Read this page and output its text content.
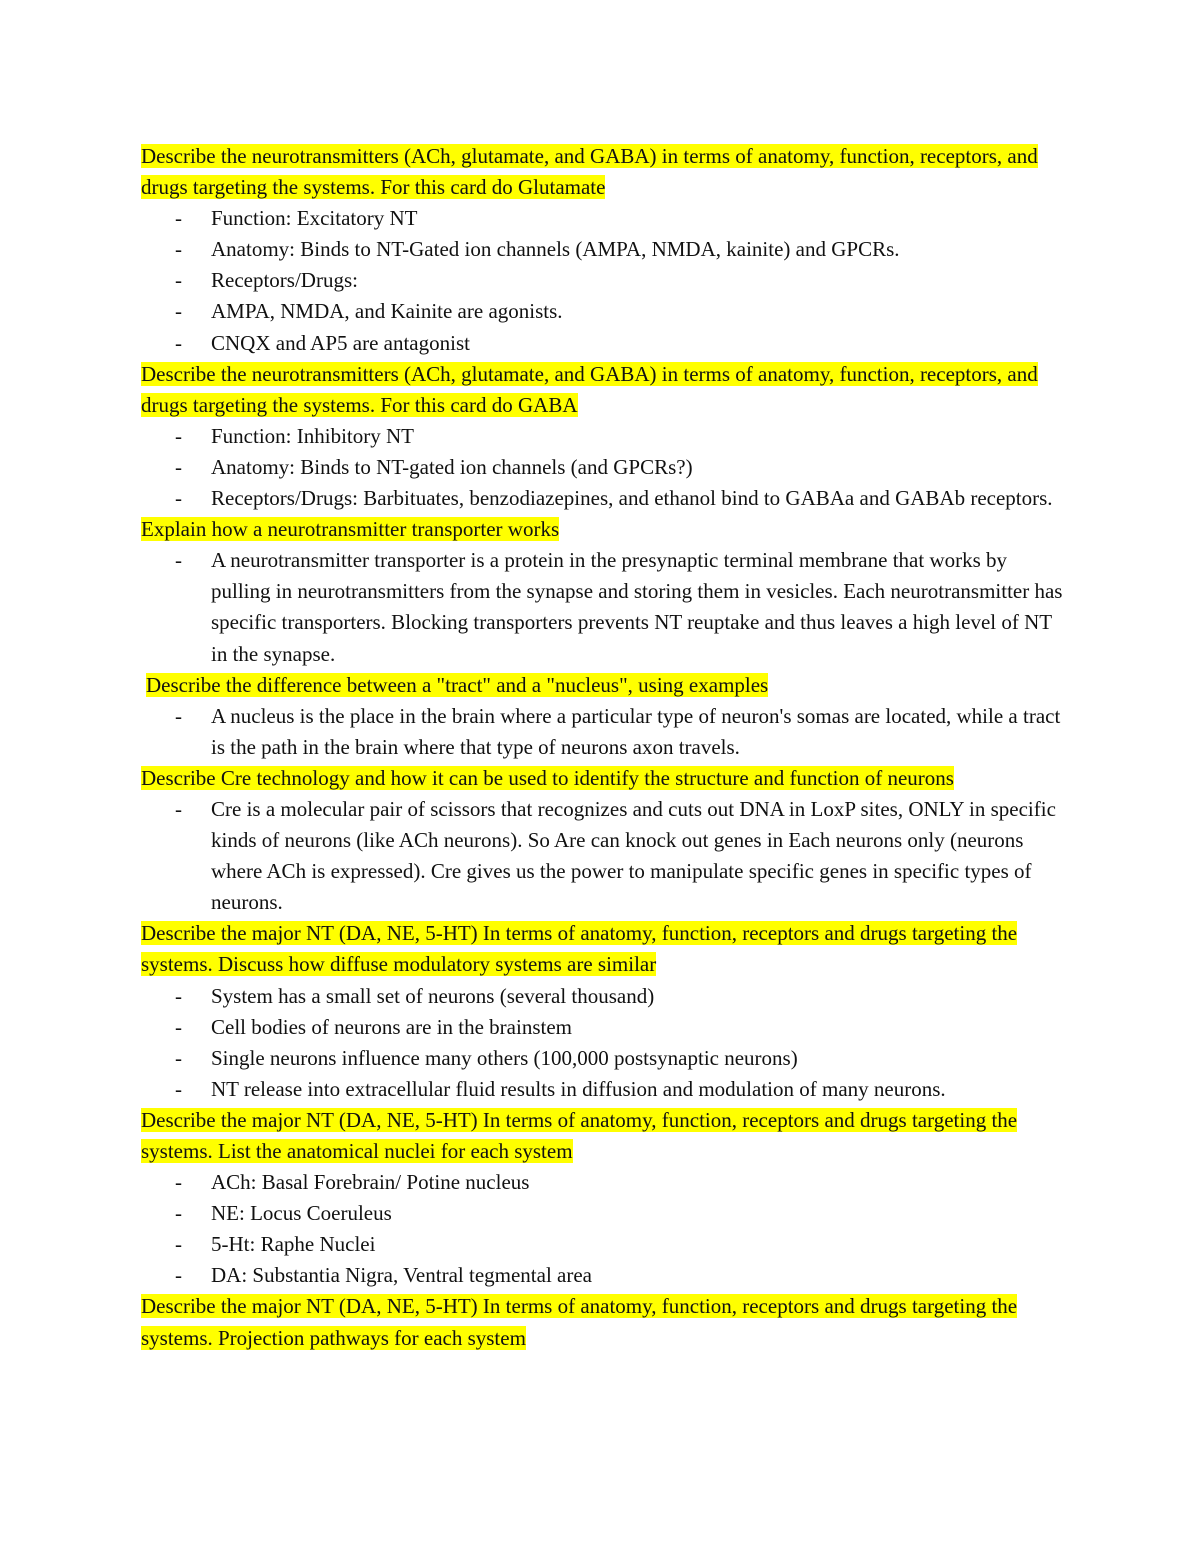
Describe the neurotransmitters (ACh, glutamate, and GABA) in terms of anatomy, function, receptors, and drugs targeting the systems. For this card do Glutamate

- Function: Excitatory NT
- Anatomy: Binds to NT-Gated ion channels (AMPA, NMDA, kainite) and GPCRs.
- Receptors/Drugs:
- AMPA, NMDA, and Kainite are agonists.
- CNQX and AP5 are antagonist

Describe the neurotransmitters (ACh, glutamate, and GABA) in terms of anatomy, function, receptors, and drugs targeting the systems. For this card do GABA

- Function: Inhibitory NT
- Anatomy: Binds to NT-gated ion channels (and GPCRs?)
- Receptors/Drugs: Barbituates, benzodiazepines, and ethanol bind to GABAa and GABAb receptors.

Explain how a neurotransmitter transporter works

- A neurotransmitter transporter is a protein in the presynaptic terminal membrane that works by pulling in neurotransmitters from the synapse and storing them in vesicles. Each neurotransmitter has specific transporters. Blocking transporters prevents NT reuptake and thus leaves a high level of NT in the synapse.

Describe the difference between a "tract" and a "nucleus", using examples

- A nucleus is the place in the brain where a particular type of neuron's somas are located, while a tract is the path in the brain where that type of neurons axon travels.

Describe Cre technology and how it can be used to identify the structure and function of neurons

- Cre is a molecular pair of scissors that recognizes and cuts out DNA in LoxP sites, ONLY in specific kinds of neurons (like ACh neurons). So Are can knock out genes in Each neurons only (neurons where ACh is expressed). Cre gives us the power to manipulate specific genes in specific types of neurons.

Describe the major NT (DA, NE, 5-HT) In terms of anatomy, function, receptors and drugs targeting the systems. Discuss how diffuse modulatory systems are similar

- System has a small set of neurons (several thousand)
- Cell bodies of neurons are in the brainstem
- Single neurons influence many others (100,000 postsynaptic neurons)
- NT release into extracellular fluid results in diffusion and modulation of many neurons.

Describe the major NT (DA, NE, 5-HT) In terms of anatomy, function, receptors and drugs targeting the systems. List the anatomical nuclei for each system

- ACh: Basal Forebrain/ Potine nucleus
- NE: Locus Coeruleus
- 5-Ht: Raphe Nuclei
- DA: Substantia Nigra, Ventral tegmental area

Describe the major NT (DA, NE, 5-HT) In terms of anatomy, function, receptors and drugs targeting the systems. Projection pathways for each system
